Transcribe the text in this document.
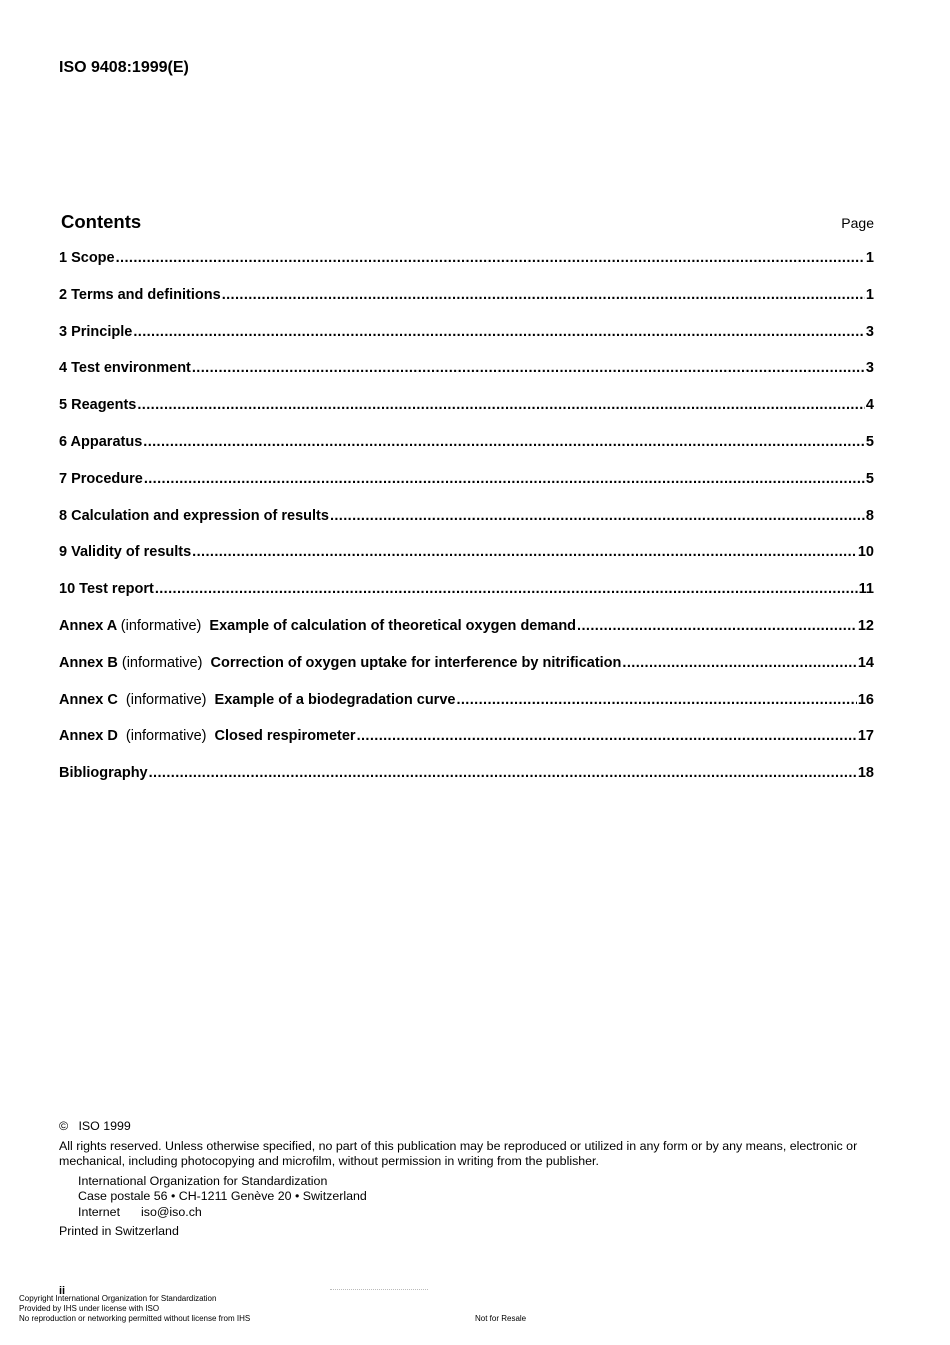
ISO 9408:1999(E)
Contents	Page
1 Scope .....	1
2 Terms and definitions .....	1
3 Principle .....	3
4 Test environment .....	3
5 Reagents .....	4
6 Apparatus .....	5
7 Procedure .....	5
8 Calculation and expression of results .....	8
9 Validity of results .....	10
10 Test report .....	11
Annex A (informative) Example of calculation of theoretical oxygen demand .....	12
Annex B (informative) Correction of oxygen uptake for interference by nitrification .....	14
Annex C (informative) Example of a biodegradation curve .....	16
Annex D (informative) Closed respirometer .....	17
Bibliography .....	18

© ISO 1999

All rights reserved. Unless otherwise specified, no part of this publication may be reproduced or utilized in any form or by any means, electronic or mechanical, including photocopying and microfilm, without permission in writing from the publisher.

International Organization for Standardization

Case postale 56 • CH-1211 Genève 20 • Switzerland

Internet iso@iso.ch

Printed in Switzerland

ii
Copyright International Organization for Standardization
Provided by IHS under license with ISO
No reproduction or networking permitted without license from IHS	Not for Resale
